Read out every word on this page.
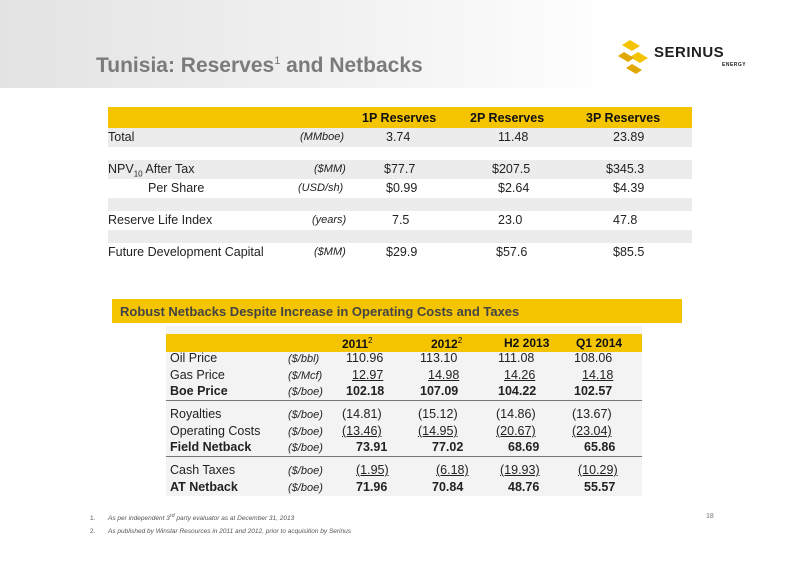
Tunisia: Reserves$^1$ and Netbacks
SERINUS
ENERGY
1P Reserves	2P Reserves	3P Reserves
Total	(MMboe)	3.74	11.48	23.89
$NPV_{10}$ After Tax	($MM)	$77.7	$207.5	$345.3
Per Share	(USD/sh)	$0.99	$2.64	$4.39
Reserve Life Index	(years)	7.5	23.0	47.8
Future Development Capital	($MM)	$29.9	$57.6	$85.5
Robust Netbacks Despite Increase in Operating Costs and Taxes
2011$^2$	2012$^2$	H2 2013 Q1 2014
Oil Price	($/bbl) 110.96	113.10	111.08	108.06
Gas Price	($/Mcf) 12.97	14.98	14.26	14.18
Boe Price	($/boe) 102.18	107.09	104.22	102.57
Royalties	($/boe) (14.81)	(15.12)	(14.86)	(13.67)
Operating Costs	($/boe) (13.46)	(14.95)	(20.67)	(23.04)
Field Netback	($/boe)	73.91	77.02	68.69	65.86
Cash Taxes	($/boe)	(1.95)	(6.18)	(19.93)	(10.29)
AT Netback	($/boe)	71.96	70.84	48.76	55.57
1. As per independent 3rd party evaluator as at December 31, 2013
2. As published by Winstar Resources in 2011 and 2012, prior to acquisition by Serinus
18
